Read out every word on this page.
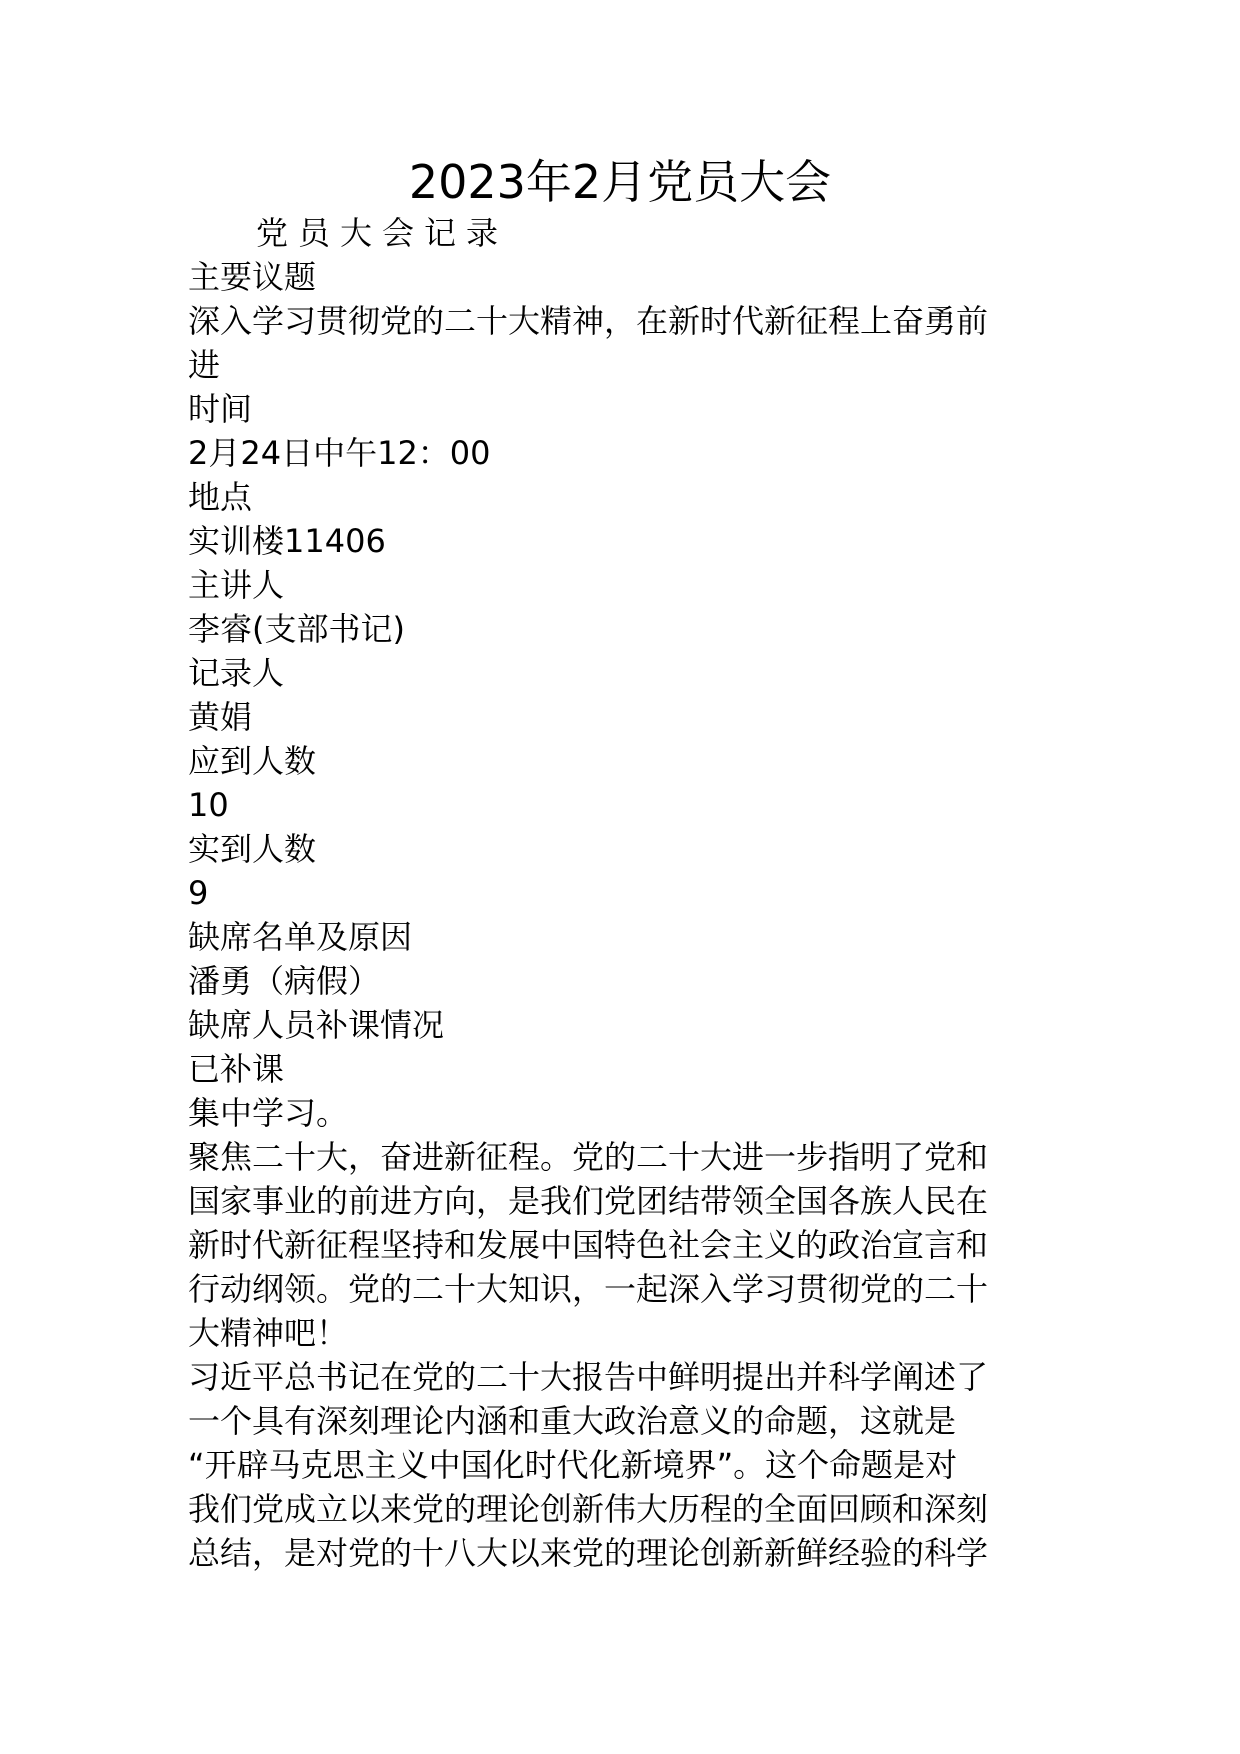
2023年2月党员大会

党员大会记录

主要议题

深入学习贯彻党的二十大精神，在新时代新征程上奋勇前

进

时间

2月24日中午12：00

地点

实训楼11406

主讲人

李睿(支部书记)

记录人

黄娟

应到人数

10

实到人数

9

缺席名单及原因

潘勇（病假）

缺席人员补课情况

已补课

集中学习。

聚焦二十大，奋进新征程。党的二十大进一步指明了党和

国家事业的前进方向，是我们党团结带领全国各族人民在

新时代新征程坚持和发展中国特色社会主义的政治宣言和

行动纲领。党的二十大知识，一起深入学习贯彻党的二十

大精神吧！

习近平总书记在党的二十大报告中鲜明提出并科学阐述了

一个具有深刻理论内涵和重大政治意义的命题，这就是

“开辟马克思主义中国化时代化新境界”。这个命题是对

我们党成立以来党的理论创新伟大历程的全面回顾和深刻

总结，是对党的十八大以来党的理论创新新鲜经验的科学
